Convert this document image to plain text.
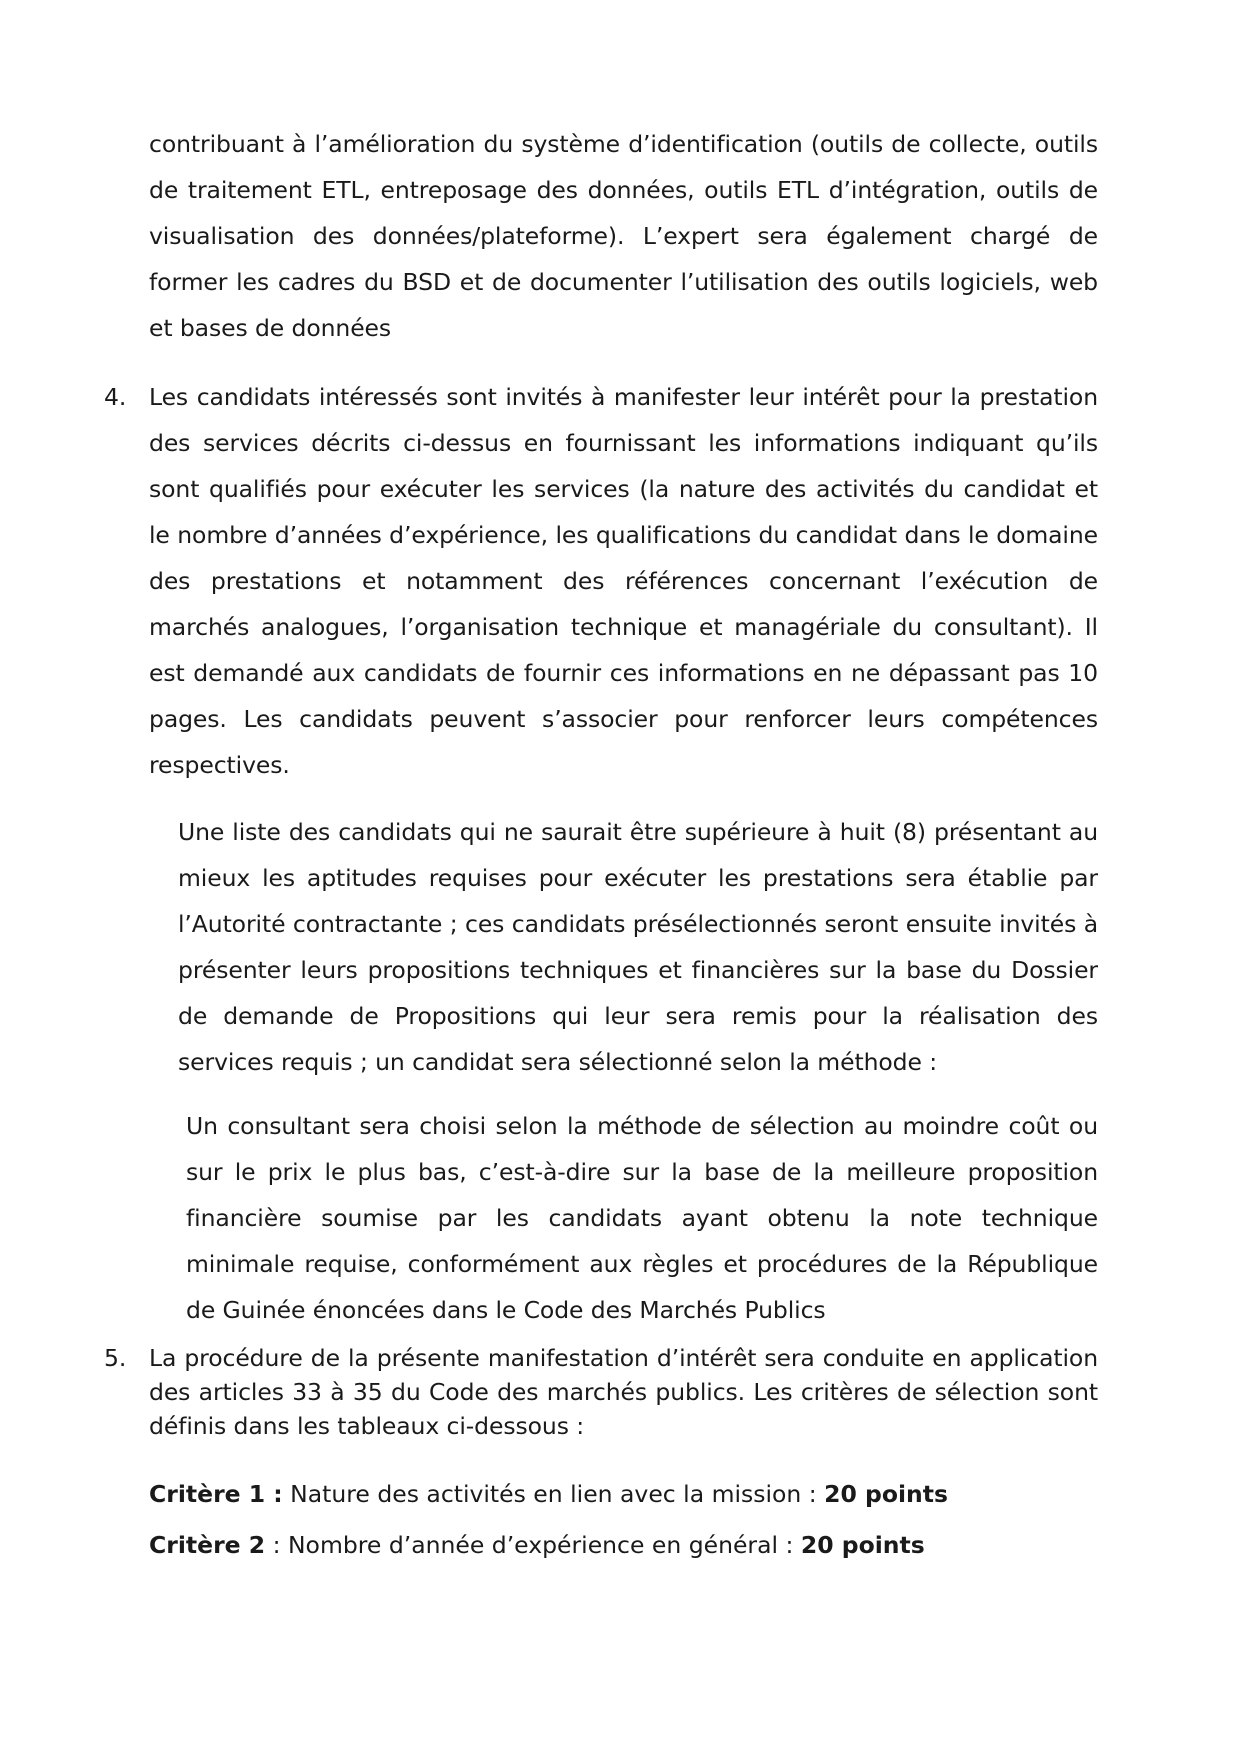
contribuant à l’amélioration du système d’identification (outils de collecte, outils de traitement ETL, entreposage des données, outils ETL d’intégration, outils de visualisation des données/plateforme). L’expert sera également chargé de former les cadres du BSD et de documenter l’utilisation des outils logiciels, web et bases de données

4. Les candidats intéressés sont invités à manifester leur intérêt pour la prestation des services décrits ci-dessus en fournissant les informations indiquant qu’ils sont qualifiés pour exécuter les services (la nature des activités du candidat et le nombre d’années d’expérience, les qualifications du candidat dans le domaine des prestations et notamment des références concernant l’exécution de marchés analogues, l’organisation technique et managériale du consultant). Il est demandé aux candidats de fournir ces informations en ne dépassant pas 10 pages. Les candidats peuvent s’associer pour renforcer leurs compétences respectives.

Une liste des candidats qui ne saurait être supérieure à huit (8) présentant au mieux les aptitudes requises pour exécuter les prestations sera établie par l’Autorité contractante ; ces candidats présélectionnés seront ensuite invités à présenter leurs propositions techniques et financières sur la base du Dossier de demande de Propositions qui leur sera remis pour la réalisation des services requis ; un candidat sera sélectionné selon la méthode :

Un consultant sera choisi selon la méthode de sélection au moindre coût ou sur le prix le plus bas, c’est-à-dire sur la base de la meilleure proposition financière soumise par les candidats ayant obtenu la note technique minimale requise, conformément aux règles et procédures de la République de Guinée énoncées dans le Code des Marchés Publics

5. La procédure de la présente manifestation d’intérêt sera conduite en application des articles 33 à 35 du Code des marchés publics. Les critères de sélection sont définis dans les tableaux ci-dessous :

Critère 1 : Nature des activités en lien avec la mission : 20 points
Critère 2 : Nombre d’année d’expérience en général : 20 points
